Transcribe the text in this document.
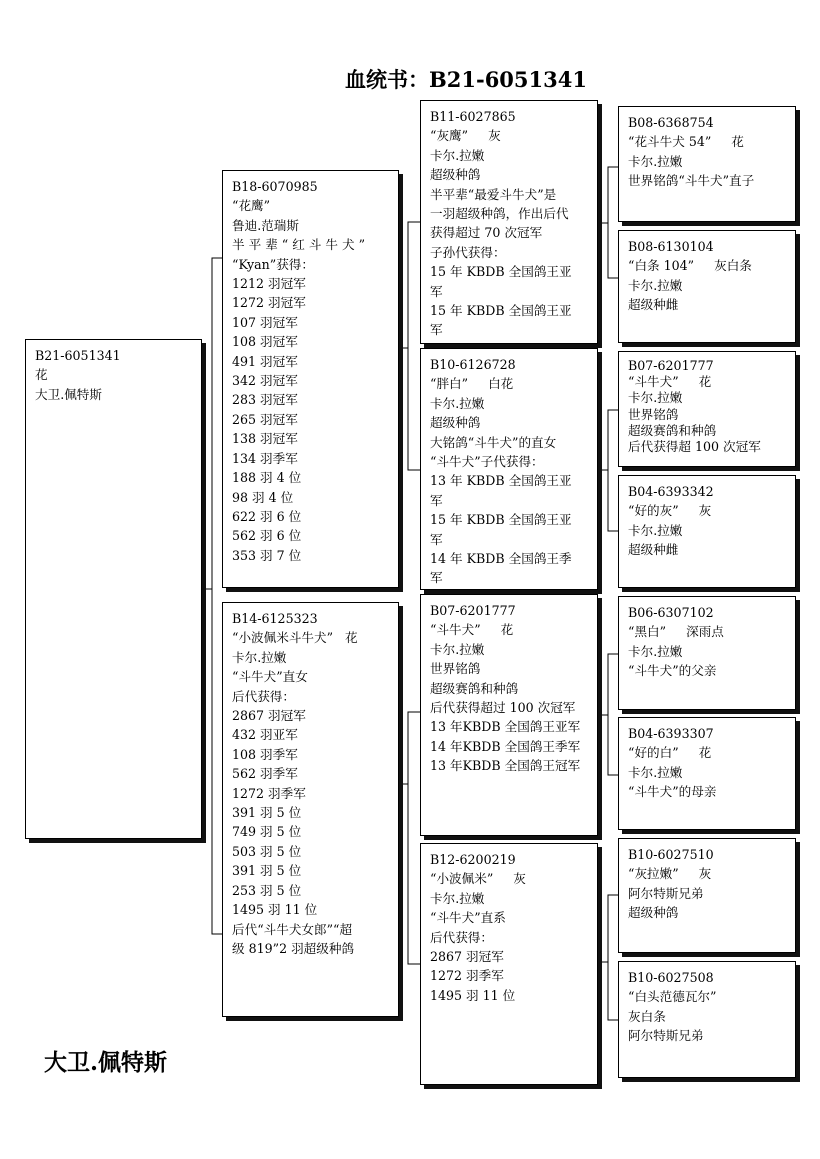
血统书：B21-6051341
B21-6051341
花
大卫.佩特斯
B18-6070985
“花鹰”
鲁迪.范瑞斯
半 平 辈 “ 红 斗 牛 犬 ”
“Kyan”获得：
1212 羽冠军
1272 羽冠军
107 羽冠军
108 羽冠军
491 羽冠军
342 羽冠军
283 羽冠军
265 羽冠军
138 羽冠军
134 羽季军
188 羽 4 位
98 羽 4 位
622 羽 6 位
562 羽 6 位
353 羽 7 位
B14-6125323
“小波佩米斗牛犬”   花
卡尔.拉嫩
“斗牛犬”直女
后代获得：
2867 羽冠军
432 羽亚军
108 羽季军
562 羽季军
1272 羽季军
391 羽 5 位
749 羽 5 位
503 羽 5 位
391 羽 5 位
253 羽 5 位
1495 羽 11 位
后代“斗牛犬女郎”“超
级 819”2 羽超级种鸽
B11-6027865
“灰鹰”     灰
卡尔.拉嫩
超级种鸽
半平辈“最爱斗牛犬”是
一羽超级种鸽，作出后代
获得超过 70 次冠军
子孙代获得：
15 年 KBDB 全国鸽王亚
军
15 年 KBDB 全国鸽王亚
军
B10-6126728
“胖白”     白花
卡尔.拉嫩
超级种鸽
大铭鸽“斗牛犬”的直女
“斗牛犬”子代获得：
13 年 KBDB 全国鸽王亚
军
15 年 KBDB 全国鸽王亚
军
14 年 KBDB 全国鸽王季
军
B07-6201777
“斗牛犬”     花
卡尔.拉嫩
世界铭鸽
超级赛鸽和种鸽
后代获得超过 100 次冠军
13 年KBDB 全国鸽王亚军
14 年KBDB 全国鸽王季军
13 年KBDB 全国鸽王冠军
B12-6200219
“小波佩米”     灰
卡尔.拉嫩
“斗牛犬”直系
后代获得：
2867 羽冠军
1272 羽季军
1495 羽 11 位
B08-6368754
“花斗牛犬 54”     花
卡尔.拉嫩
世界铭鸽“斗牛犬”直子
B08-6130104
“白条 104”     灰白条
卡尔.拉嫩
超级种雌
B07-6201777
“斗牛犬”     花
卡尔.拉嫩
世界铭鸽
超级赛鸽和种鸽
后代获得超 100 次冠军
B04-6393342
“好的灰”     灰
卡尔.拉嫩
超级种雌
B06-6307102
“黑白”     深雨点
卡尔.拉嫩
“斗牛犬”的父亲
B04-6393307
“好的白”     花
卡尔.拉嫩
“斗牛犬”的母亲
B10-6027510
“灰拉嫩”     灰
阿尔特斯兄弟
超级种鸽
B10-6027508
“白头范德瓦尔”
灰白条
阿尔特斯兄弟
大卫.佩特斯
